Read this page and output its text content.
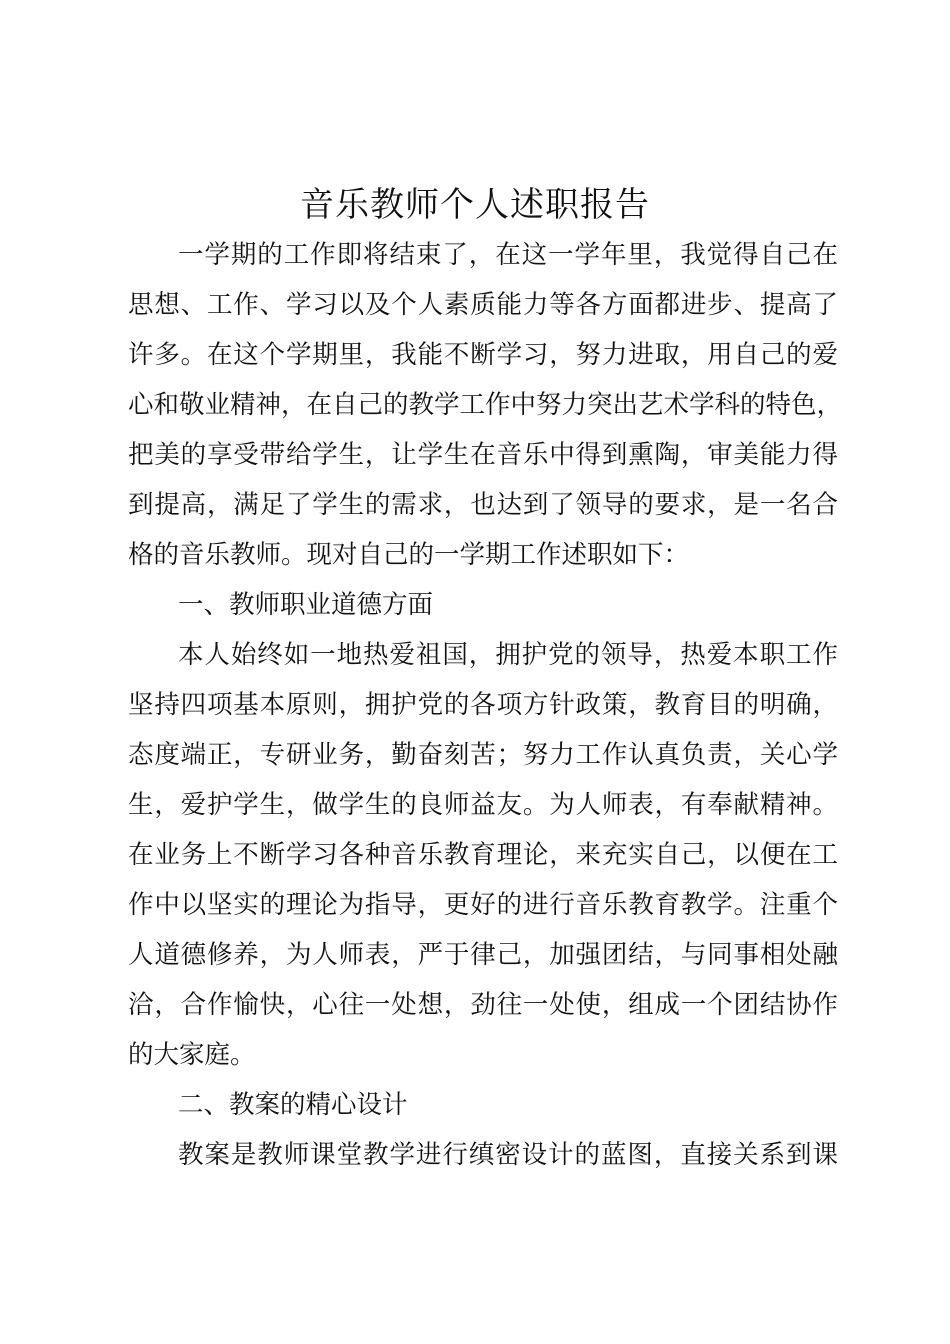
音乐教师个人述职报告
一学期的工作即将结束了，在这一学年里，我觉得自己在
思想、工作、学习以及个人素质能力等各方面都进步、提高了
许多。在这个学期里，我能不断学习，努力进取，用自己的爱
心和敬业精神，在自己的教学工作中努力突出艺术学科的特色，
把美的享受带给学生，让学生在音乐中得到熏陶，审美能力得
到提高，满足了学生的需求，也达到了领导的要求，是一名合
格的音乐教师。现对自己的一学期工作述职如下：
一、教师职业道德方面
本人始终如一地热爱祖国，拥护党的领导，热爱本职工作
坚持四项基本原则，拥护党的各项方针政策，教育目的明确，
态度端正，专研业务，勤奋刻苦；努力工作认真负责，关心学
生，爱护学生，做学生的良师益友。为人师表，有奉献精神。
在业务上不断学习各种音乐教育理论，来充实自己，以便在工
作中以坚实的理论为指导，更好的进行音乐教育教学。注重个
人道德修养，为人师表，严于律己，加强团结，与同事相处融
洽，合作愉快，心往一处想，劲往一处使，组成一个团结协作
的大家庭。
二、教案的精心设计
教案是教师课堂教学进行缜密设计的蓝图，直接关系到课
